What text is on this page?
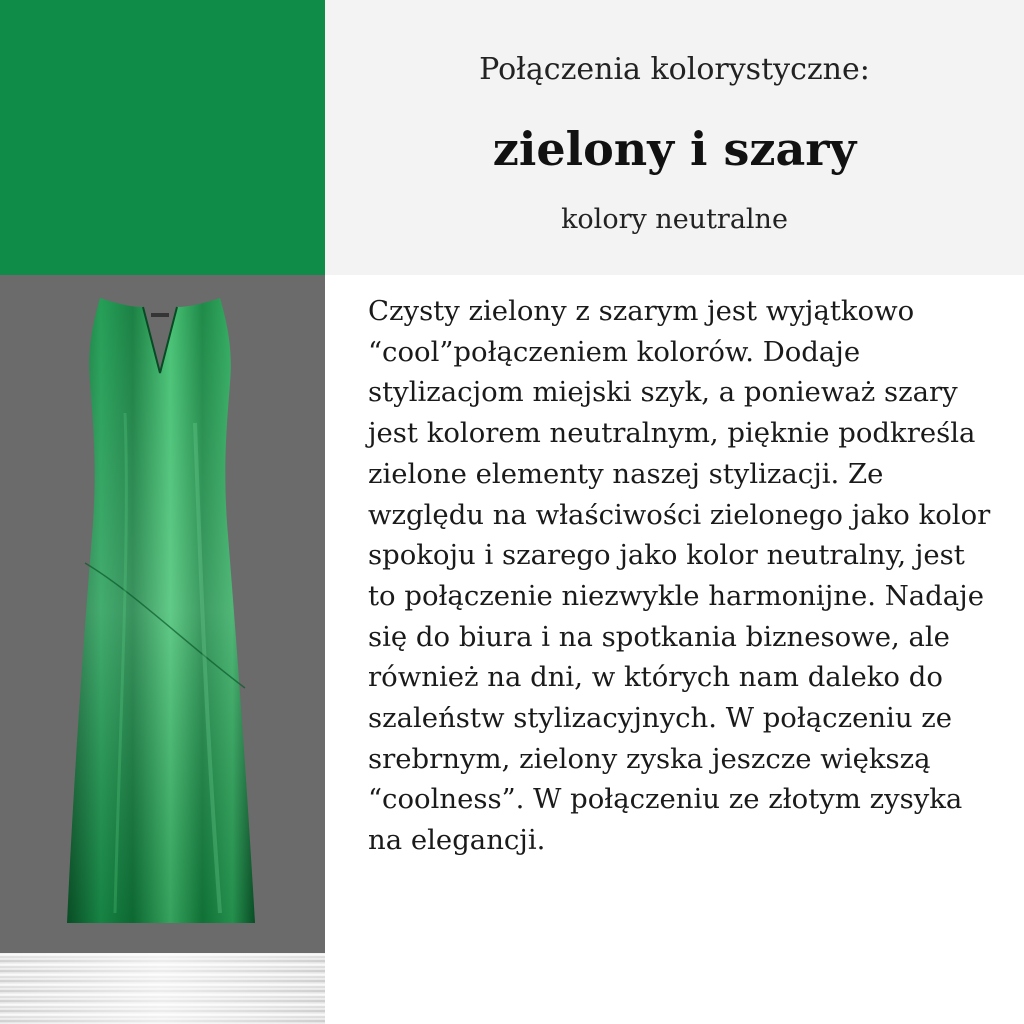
Połączenia kolorystyczne:
zielony i szary
kolory neutralne

Czysty zielony z szarym jest wyjątkowo “cool”połączeniem kolorów. Dodaje stylizacjom miejski szyk, a ponieważ szary jest kolorem neutralnym, pięknie podkreśla zielone elementy naszej stylizacji. Ze względu na właściwości zielonego jako kolor spokoju i szarego jako kolor neutralny, jest to połączenie niezwykle harmonijne. Nadaje się do biura i na spotkania biznesowe, ale również na dni, w których nam daleko do szaleństw stylizacyjnych. W połączeniu ze srebrnym, zielony zyska jeszcze większą “coolness”. W połączeniu ze złotym zysyka na elegancji.
